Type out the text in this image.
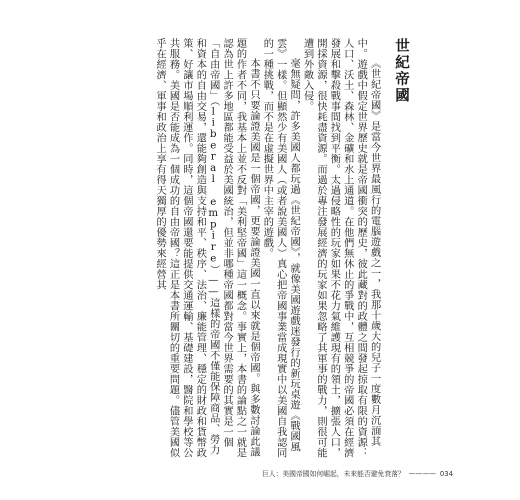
世紀帝國

《世紀帝國》是當今世界最風行的電腦遊戲之一，我那十歲大的兒子一度數月沉湎其中。遊戲中假定世界歷史就是帝國衝突的歷史，彼此藏對的政體之間發起掠取有限的資源：人口、沃土、森林、金礦和水上通道。在他們無休止的爭戰中，互相競爭的帝國必須在經濟發展和擊殺戰事間找到平衡。太過侵略性的玩家如果不花力氣維護現有的領土，擴張人口，開採資源，很快耗盡資源。而過於專注發展經濟的玩家如果忽略了其軍事的戰力，則很可能遭到外敵入侵。

毫無疑問，許多美國人都玩過《世紀帝國》，就像美國遊戲迷發行的新玩桌遊《戰國風雲》一樣。但顯然少有美國人（或者說美國人）真心把帝國事業當成現實中以美國自我認同的一種挑戰，而不是在虛擬世界中主宰的遊戲。

本書不只要論證美國是一個帝國，更要論證美國一直以來就是個帝國。與多數討論此議題的作者不同，我基本上並不反對「美利堅帝國」這一概念。事實上，本書的論點之一就是認為世上許多地區都能受益於美國統治，但並非哪種帝國都對當今世界需要的其實是一個「自由帝國」（liberal empire）——這樣的帝國不僅能保障商品、勞力和資本的自由交易，還能夠創造與支持和平、秩序、法治、廉能管理、穩定的財政和貨幣政策、好讓市場順利運作。同時，這個帝國還要能提供交通運輸、基礎建設，醫院和學校等公共服務。美國是否能成為一個成功的自由帝國？這正是本書所關切的重要問題。儘管美國似乎在經濟、軍事和政治上享有得天獨厚的優勢來經營其

巨人：美國帝國如何崛起，未來能否避免衰落？ ———— 034
